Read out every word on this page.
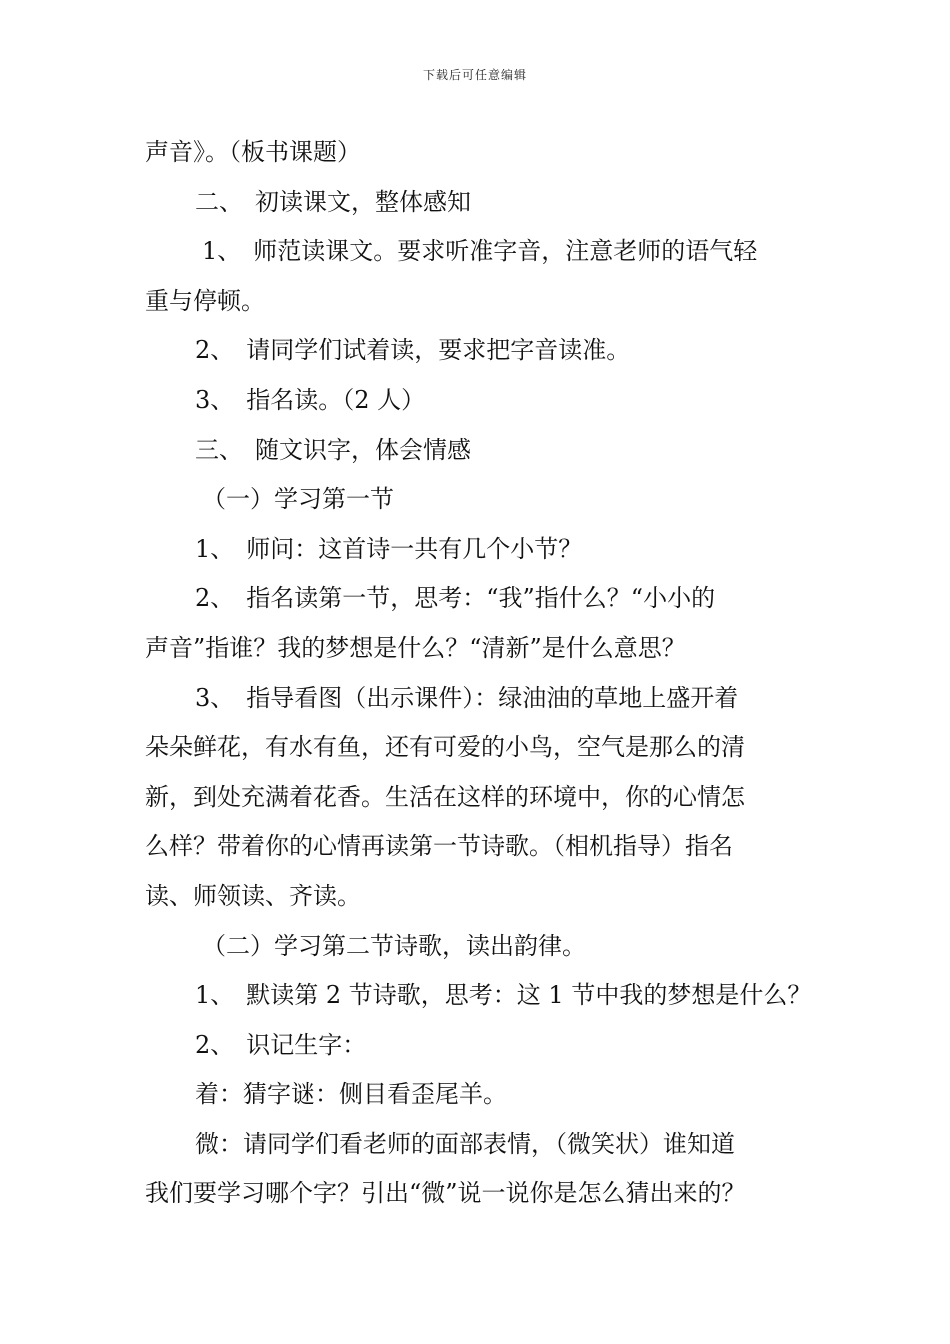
下载后可任意编辑
声音》。（板书课题）
二、　初读课文，整体感知
1、　师范读课文。要求听准字音，注意老师的语气轻
重与停顿。
2、　请同学们试着读，要求把字音读准。
3、　指名读。（2 人）
三、　随文识字，体会情感
（一）学习第一节
1、　师问：这首诗一共有几个小节？
2、　指名读第一节，思考：“我”指什么？“小小的
声音”指谁？我的梦想是什么？“清新”是什么意思？
3、　指导看图（出示课件）：绿油油的草地上盛开着
朵朵鲜花，有水有鱼，还有可爱的小鸟，空气是那么的清
新，到处充满着花香。生活在这样的环境中，你的心情怎
么样？带着你的心情再读第一节诗歌。（相机指导）指名
读、师领读、齐读。
（二）学习第二节诗歌，读出韵律。
1、　默读第 2 节诗歌，思考：这 1 节中我的梦想是什么？
2、　识记生字：
着：猜字谜：侧目看歪尾羊。
微：请同学们看老师的面部表情，（微笑状）谁知道
我们要学习哪个字？引出“微”说一说你是怎么猜出来的？
